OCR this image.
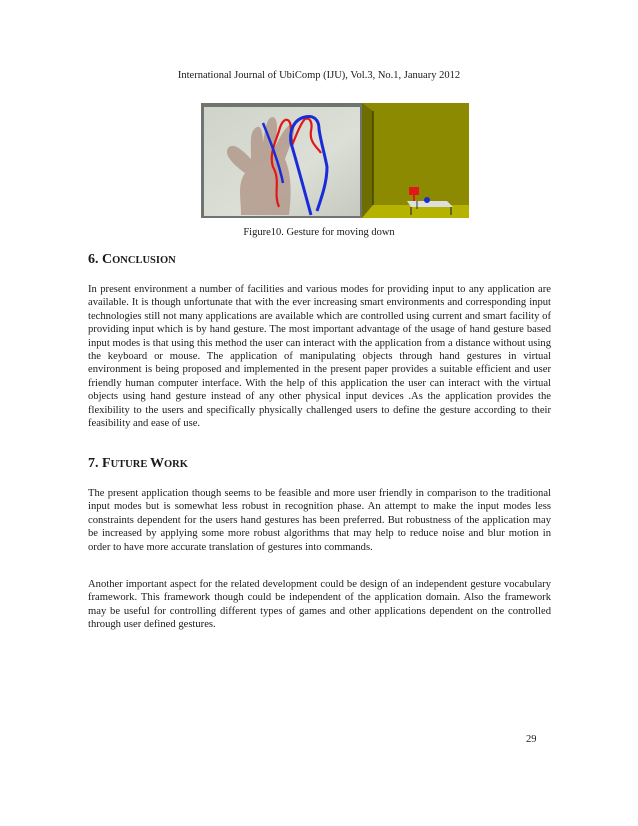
International Journal of UbiComp (IJU), Vol.3, No.1, January 2012
Figure10. Gesture for moving down
6. CONCLUSION
In present environment a number of facilities and various modes for providing input to any application are available. It is though unfortunate that with the ever increasing smart environments and corresponding input technologies still not many applications are available which are controlled using current and smart facility of providing input which is by hand gesture. The most important advantage of the usage of hand gesture based input modes is that using this method the user can interact with the application from a distance without using the keyboard or mouse. The application of manipulating objects through hand gestures in virtual environment is being proposed and implemented in the present paper provides a suitable efficient and user friendly human computer interface. With the help of this application the user can interact with the virtual objects using hand gesture instead of any other physical input devices .As the application provides the flexibility to the users and specifically physically challenged users to define the gesture according to their feasibility and ease of use.
7. FUTURE WORK
The present application though seems to be feasible and more user friendly in comparison to the traditional input modes but is somewhat less robust in recognition phase. An attempt to make the input modes less constraints dependent for the users hand gestures has been preferred. But robustness of the application may be increased by applying some more robust algorithms that may help to reduce noise and blur motion in order to have more accurate translation of gestures into commands.
Another important aspect for the related development could be design of an independent gesture vocabulary framework. This framework though could be independent of the application domain. Also the framework may be useful for controlling different types of games and other applications dependent on the controlled through user defined gestures.
29
